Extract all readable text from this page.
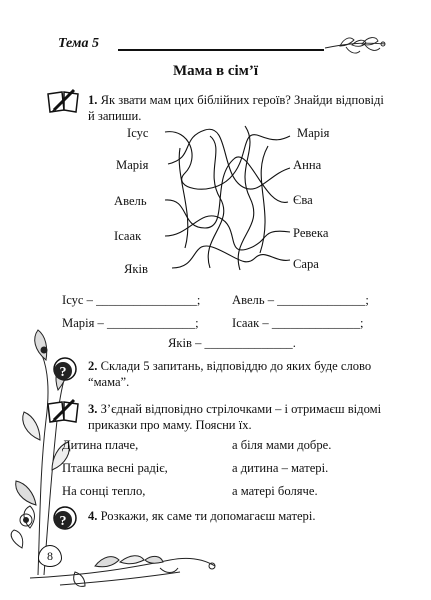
Тема 5
Мама в сім’ї
1. Як звати мам цих біблійних героїв? Знайди відповіді й запиши.
Ісус
Марія
Авель
Ісаак
Яків
Марія
Анна
Єва
Ревека
Сара
Ісус – ________________;	Авель – ______________;
Марія – ______________;	Ісаак – ______________;
Яків – ______________.
? 2. Склади 5 запитань, відповіддю до яких буде слово “мама”.
3. З’єднай відповідно стрілочками – і отримаєш відомі приказки про маму. Поясни їх.
Дитина плаче,
Пташка весні радіє,
На сонці тепло,
а біля мами добре.
а дитина – матері.
а матері боляче.
? 4. Розкажи, як саме ти допомагаєш матері.
8
